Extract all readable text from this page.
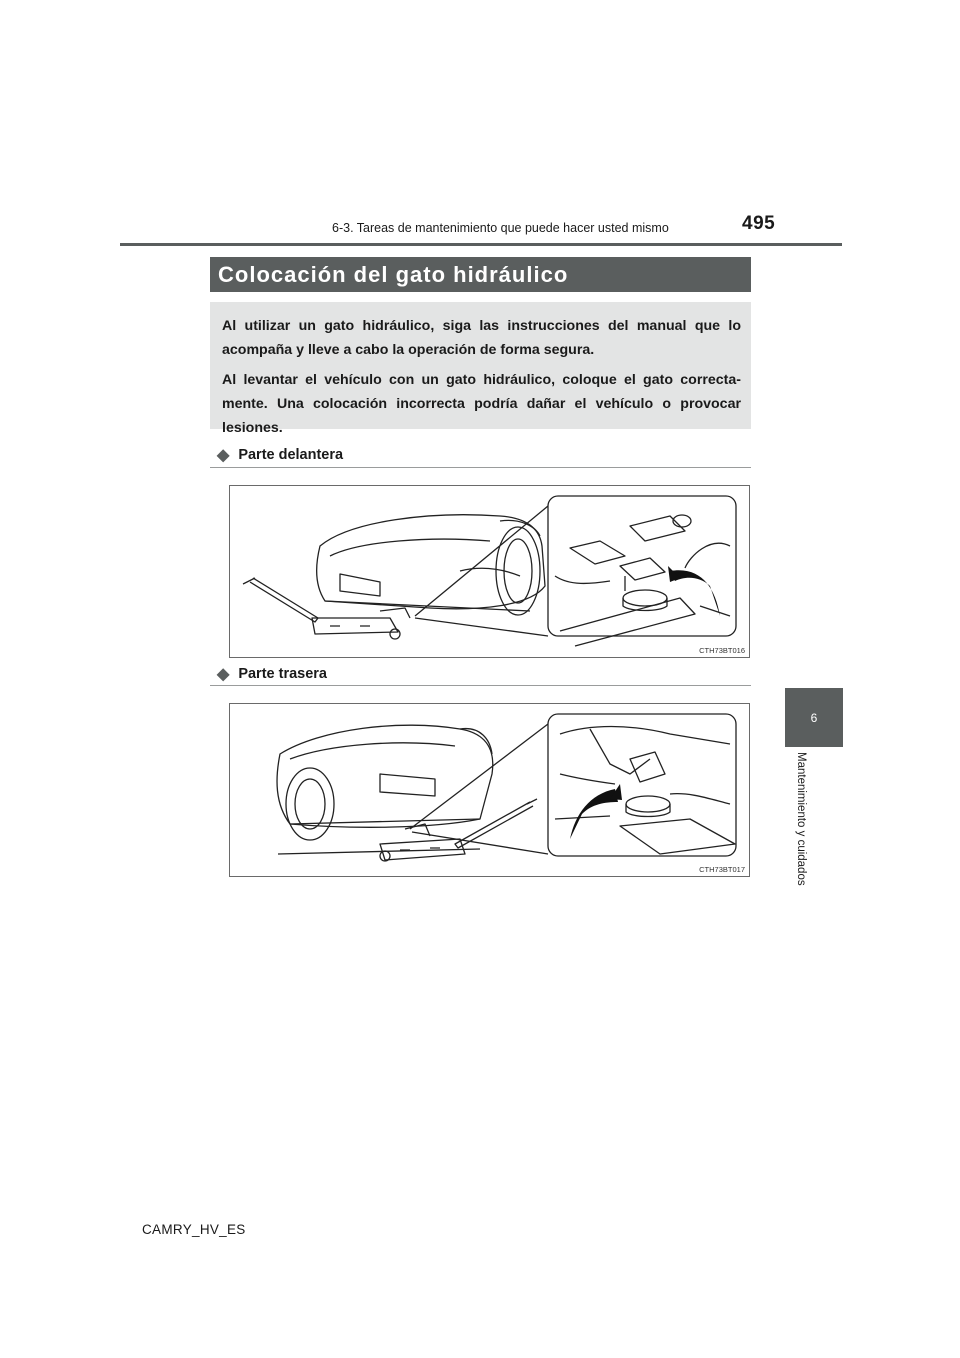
6-3. Tareas de mantenimiento que puede hacer usted mismo	495
6
Mantenimiento y cuidados
Colocación del gato hidráulico

Al utilizar un gato hidráulico, siga las instrucciones del manual que lo acompaña y lleve a cabo la operación de forma segura.

Al levantar el vehículo con un gato hidráulico, coloque el gato correcta-mente. Una colocación incorrecta podría dañar el vehículo o provocar lesiones.

◆ Parte delantera
CTH73BT016
◆ Parte trasera
CTH73BT017
CAMRY_HV_ES
